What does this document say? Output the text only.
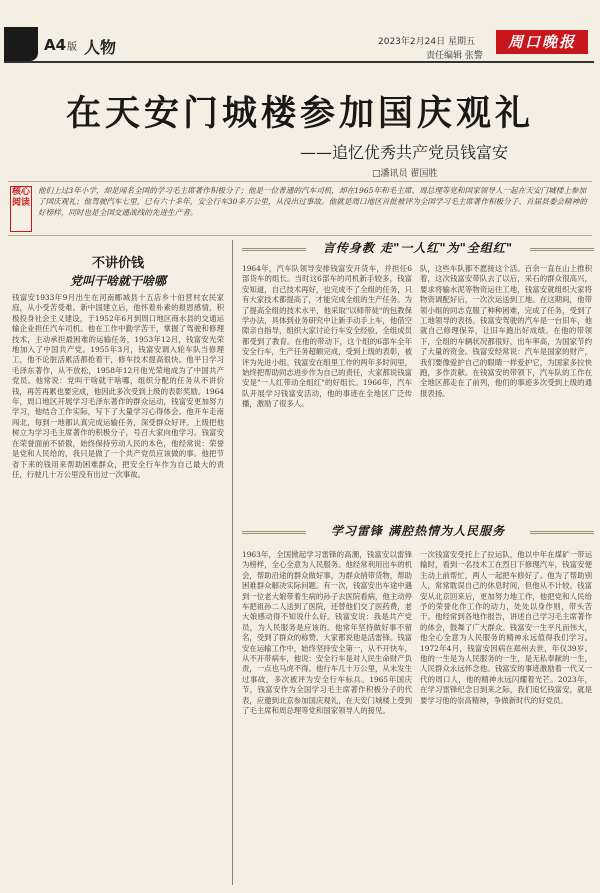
A4版 人物	2023年2月24日 星期五
责任编辑 张警
周口晚报
在天安门城楼参加国庆观礼
——追忆优秀共产党员钱富安
□潘讯员 翟国胜
核心阅读
他们上过3年小学，却是闻名全国的学习毛主席著作积极分子；他是一位普通的汽车司机，却在1965年和毛主席、周总理等党和国家领导人一起在天安门城楼上参加了国庆观礼；他驾驶汽车七里，已有六十多年，安全行车30多万公里，从没出过事故。他就是周口地区首批被评为全国学习毛主席著作积极分子、首届县委会精神的好榜样，同时也是全国交通战线的先进生产者。
不讲价钱
党叫干啥就干啥哪
钱富安1933年9月出生在河南郾城县十五店乡十伯营村农民家庭，从小受苦受难。新中国建立后，他怀着朴素的报恩感情，积极投身社会主义建设，于1952年6月到周口地区商水县的交通运输企业担任汽车司机。他在工作中勤学苦干，掌握了驾驶和修理技术，主动承担最困难的运输任务，1953年12月，钱富安光荣地加入了中国共产党。1955年3月，钱富安调入轮车队当修理工，他不论脏活累活都抢着干，修车技术提高很快。他平日学习毛泽东著作，从不放松，1958年12月他光荣地成为了中国共产党员。他常说：党叫干啥就干啥哪，组织分配的任务从不讲价钱，再苦再累也要完成，他因此多次受到上级的表彰奖励。1964年，周口地区开展学习毛泽东著作的群众运动，钱富安更加努力学习，他结合工作实际，写下了大量学习心得体会。他开车走南闯北，每到一地都认真完成运输任务，深受群众好评。上级把他树立为学习毛主席著作的积极分子，号召大家向他学习。钱富安在荣誉面前不骄傲，始终保持劳动人民的本色，他经常说：荣誉是党和人民给的，我只是做了一个共产党员应该做的事。他把节省下来的钱用来帮助困难群众，把安全行车作为自己最大的责任，行驶几十万公里没有出过一次事故。
言传身教 走"一人红"为"全组红"
1964年，汽车队领导安排钱富安开货车，并担任6部货车的组长。当时这6部车的司机新手较多，钱富安知道，自己技术再好，也完成不了全组的任务，只有大家技术都提高了，才能完成全组的生产任务。为了提高全组的技术水平，他采取"以师带徒"的包教保学办法，具体到业务研究中让新手动手上车，他借空隙亲自指导，组织大家讨论行车安全经验，全组成员都受到了教育。在他的带动下，这个组的6部车全年安全行车，生产任务超额完成，受到上级的表彰，被评为先进小组。钱富安在组里工作的两年多时间里，始终把帮助同志进步作为自己的责任，大家都说钱富安是"一人红带动全组红"的好组长。1966年，汽车队开展学习钱富安活动，他的事迹在全地区广泛传播，激励了很多人。
队，这些车队都不愿接这个活。百余一直在山上推积着，这次钱富安带队去了以后，采石的群众很高兴，要求将输水泥等物资运往工地，钱富安就组织大家将物资调配好后，一次次运送到工地。在这期间，他带领小组的同志克服了种种困难，完成了任务，受到了工地领导的表扬。钱富安驾驶的汽车是一台旧车，他就自己修理保养，让旧车跑出好成绩。在他的带领下，全组的车辆状况都很好，出车率高，为国家节约了大量的资金。钱富安经常说：汽车是国家的财产，我们要像爱护自己的眼睛一样爱护它，为国家多拉快跑，多作贡献。在钱富安的带领下，汽车队的工作在全地区都走在了前列，他们的事迹多次受到上级的通报表扬。
学习雷锋 满腔热情为人民服务
1963年，全国掀起学习雷锋的高潮，钱富安以雷锋为榜样，全心全意为人民服务。他经常利用出车的机会，帮助沿途的群众做好事，为群众捎带货物，帮助困难群众解决实际问题。有一次，钱富安出车途中遇到一位老大娘带着生病的孙子去医院看病，他主动停车把祖孙二人送到了医院，还替他们交了医药费，老大娘感动得不知说什么好。钱富安说：我是共产党员，为人民服务是应该的。他常年坚持做好事不留名，受到了群众的称赞，大家都说他是活雷锋。钱富安在运输工作中，始终坚持安全第一，从不开快车，从不开带病车，他说：安全行车是对人民生命财产负责，一点也马虎不得。他行车几十万公里，从未发生过事故，多次被评为安全行车标兵。1965年国庆节，钱富安作为全国学习毛主席著作积极分子的代表，应邀到北京参加国庆观礼，在天安门城楼上受到了毛主席和周总理等党和国家领导人的接见。
一次钱富安受托上了拉运队，他以中年在煤矿一带运输时，看到一名技术工在烈日下修理汽车，钱富安便主动上前帮忙，两人一起把车修好了。他为了帮助别人，常常耽误自己的休息时间，但他从不计较。钱富安从北京回来后，更加努力地工作，他把党和人民给予的荣誉化作工作的动力，处处以身作则，带头苦干。他经常到各地作报告，讲述自己学习毛主席著作的体会，鼓舞了广大群众。钱富安一生平凡而伟大，他全心全意为人民服务的精神永远值得我们学习。1972年4月，钱富安因病在郑州去世，年仅39岁。他的一生是为人民服务的一生，是无私奉献的一生，人民群众永远怀念他。钱富安的事迹激励着一代又一代的周口人，他的精神永远闪耀着光芒。2023年，在学习雷锋纪念日到来之际，我们追忆钱富安，就是要学习他的崇高精神，争做新时代的好党员。
